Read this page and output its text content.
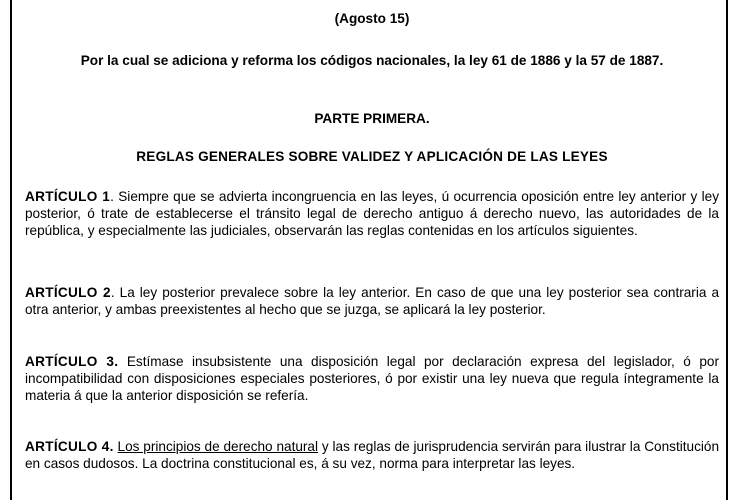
(Agosto 15)

Por la cual se adiciona y reforma los códigos nacionales, la ley 61 de 1886 y la 57 de 1887.

PARTE PRIMERA.

REGLAS GENERALES SOBRE VALIDEZ Y APLICACIÓN DE LAS LEYES

ARTÍCULO 1. Siempre que se advierta incongruencia en las leyes, ú ocurrencia oposición entre ley anterior y ley posterior, ó trate de establecerse el tránsito legal de derecho antiguo á derecho nuevo, las autoridades de la república, y especialmente las judiciales, observarán las reglas contenidas en los artículos siguientes.

ARTÍCULO 2. La ley posterior prevalece sobre la ley anterior. En caso de que una ley posterior sea contraria a otra anterior, y ambas preexistentes al hecho que se juzga, se aplicará la ley posterior.

ARTÍCULO 3. Estímase insubsistente una disposición legal por declaración expresa del legislador, ó por incompatibilidad con disposiciones especiales posteriores, ó por existir una ley nueva que regula íntegramente la materia á que la anterior disposición se refería.

ARTÍCULO 4. Los principios de derecho natural y las reglas de jurisprudencia servirán para ilustrar la Constitución en casos dudosos. La doctrina constitucional es, á su vez, norma para interpretar las leyes.
